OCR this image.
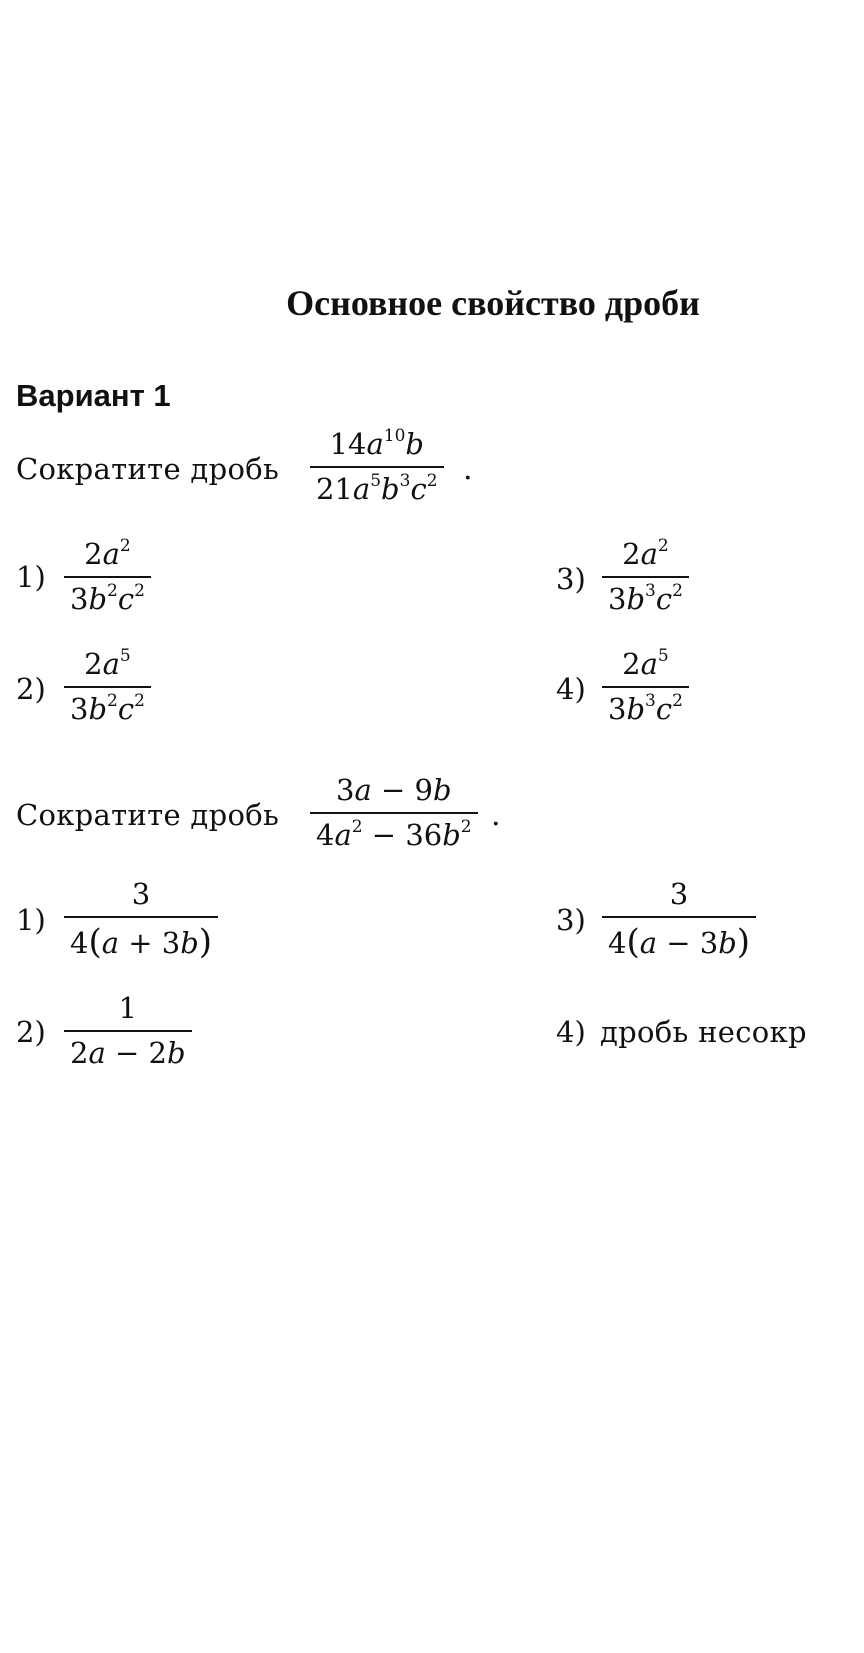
Основное свойство дроби
Вариант 1
Сократите дробь
$14a^{10}b$
$21a^5b^3c^2$ .
1)
$2a^2$
$3b^2c^2$
2)
$2a^5$
$3b^2c^2$
3)
$2a^2$
$3b^3c^2$
4)
$2a^5$
$3b^3c^2$
Сократите дробь
3a − 9b
$4a^2 - 36b^2$ .
1)
3
4(a + 3b)
2)
1
2a − 2b
3)
3
4(a − 3b)
4) дробь несокр
